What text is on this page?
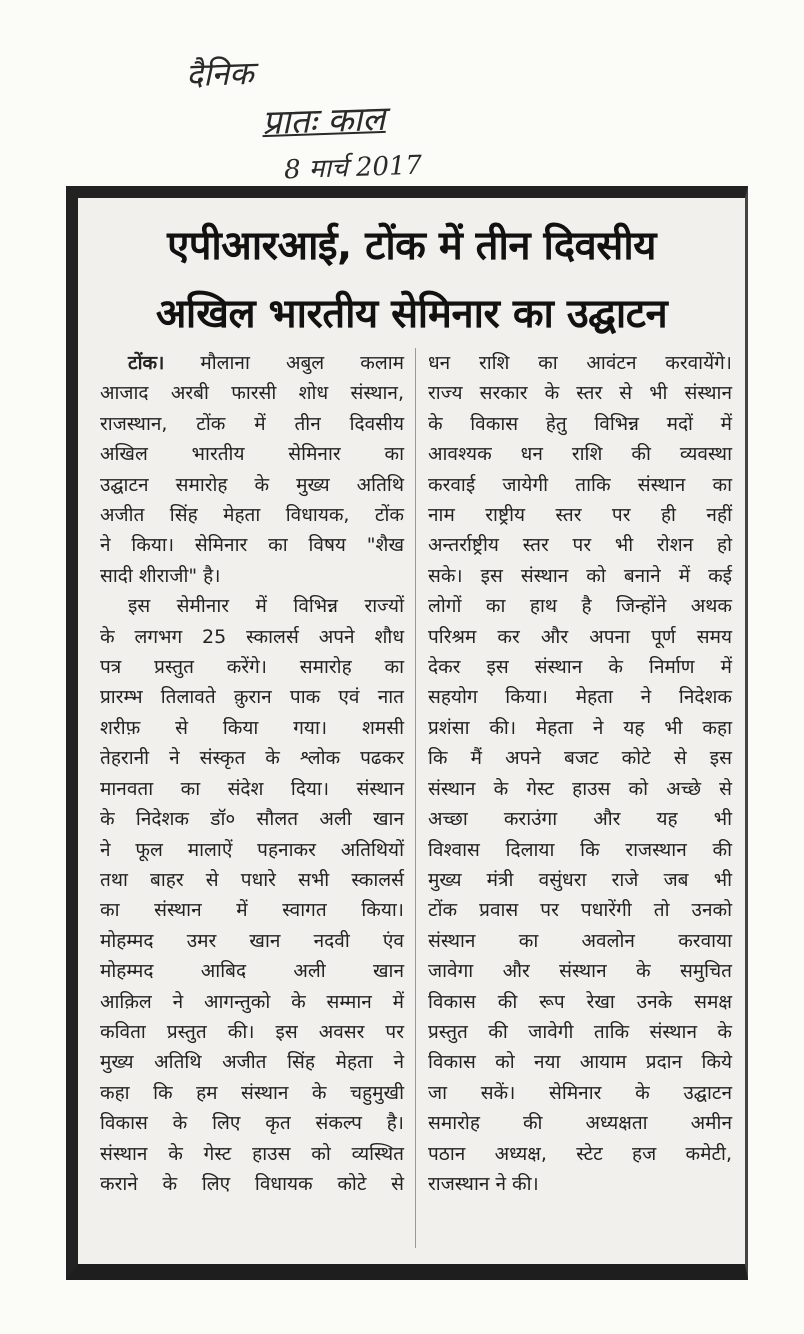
दैनिक
प्रातः काल
8 मार्च 2017
एपीआरआई, टोंक में तीन दिवसीय
अखिल भारतीय सेमिनार का उद्घाटन
टोंक। मौलाना अबुल कलाम
आजाद अरबी फारसी शोध संस्थान,
राजस्थान, टोंक में तीन दिवसीय
अखिल भारतीय सेमिनार का
उद्घाटन समारोह के मुख्य अतिथि
अजीत सिंह मेहता विधायक, टोंक
ने किया। सेमिनार का विषय "शैख
सादी शीराजी" है।
इस सेमीनार में विभिन्न राज्यों
के लगभग 25 स्कालर्स अपने शौध
पत्र प्रस्तुत करेंगे। समारोह का
प्रारम्भ तिलावते क़ुरान पाक एवं नात
शरीफ़ से किया गया। शमसी
तेहरानी ने संस्कृत के श्लोक पढकर
मानवता का संदेश दिया। संस्थान
के निदेशक डॉ० सौलत अली खान
ने फूल मालाऐं पहनाकर अतिथियों
तथा बाहर से पधारे सभी स्कालर्स
का संस्थान में स्वागत किया।
मोहम्मद उमर खान नदवी एंव
मोहम्मद आबिद अली खान
आक़िल ने आगन्तुको के सम्मान में
कविता प्रस्तुत की। इस अवसर पर
मुख्य अतिथि अजीत सिंह मेहता ने
कहा कि हम संस्थान के चहुमुखी
विकास के लिए कृत संकल्प है।
संस्थान के गेस्ट हाउस को व्यस्थित
कराने के लिए विधायक कोटे से
धन राशि का आवंटन करवायेंगे।
राज्य सरकार के स्तर से भी संस्थान
के विकास हेतु विभिन्न मदों में
आवश्यक धन राशि की व्यवस्था
करवाई जायेगी ताकि संस्थान का
नाम राष्ट्रीय स्तर पर ही नहीं
अन्तर्राष्ट्रीय स्तर पर भी रोशन हो
सके। इस संस्थान को बनाने में कई
लोगों का हाथ है जिन्होंने अथक
परिश्रम कर और अपना पूर्ण समय
देकर इस संस्थान के निर्माण में
सहयोग किया। मेहता ने निदेशक
प्रशंसा की। मेहता ने यह भी कहा
कि मैं अपने बजट कोटे से इस
संस्थान के गेस्ट हाउस को अच्छे से
अच्छा कराउंगा और यह भी
विश्वास दिलाया कि राजस्थान की
मुख्य मंत्री वसुंधरा राजे जब भी
टोंक प्रवास पर पधारेंगी तो उनको
संस्थान का अवलोन करवाया
जावेगा और संस्थान के समुचित
विकास की रूप रेखा उनके समक्ष
प्रस्तुत की जावेगी ताकि संस्थान के
विकास को नया आयाम प्रदान किये
जा सकें। सेमिनार के उद्घाटन
समारोह की अध्यक्षता अमीन
पठान अध्यक्ष, स्टेट हज कमेटी,
राजस्थान ने की।
